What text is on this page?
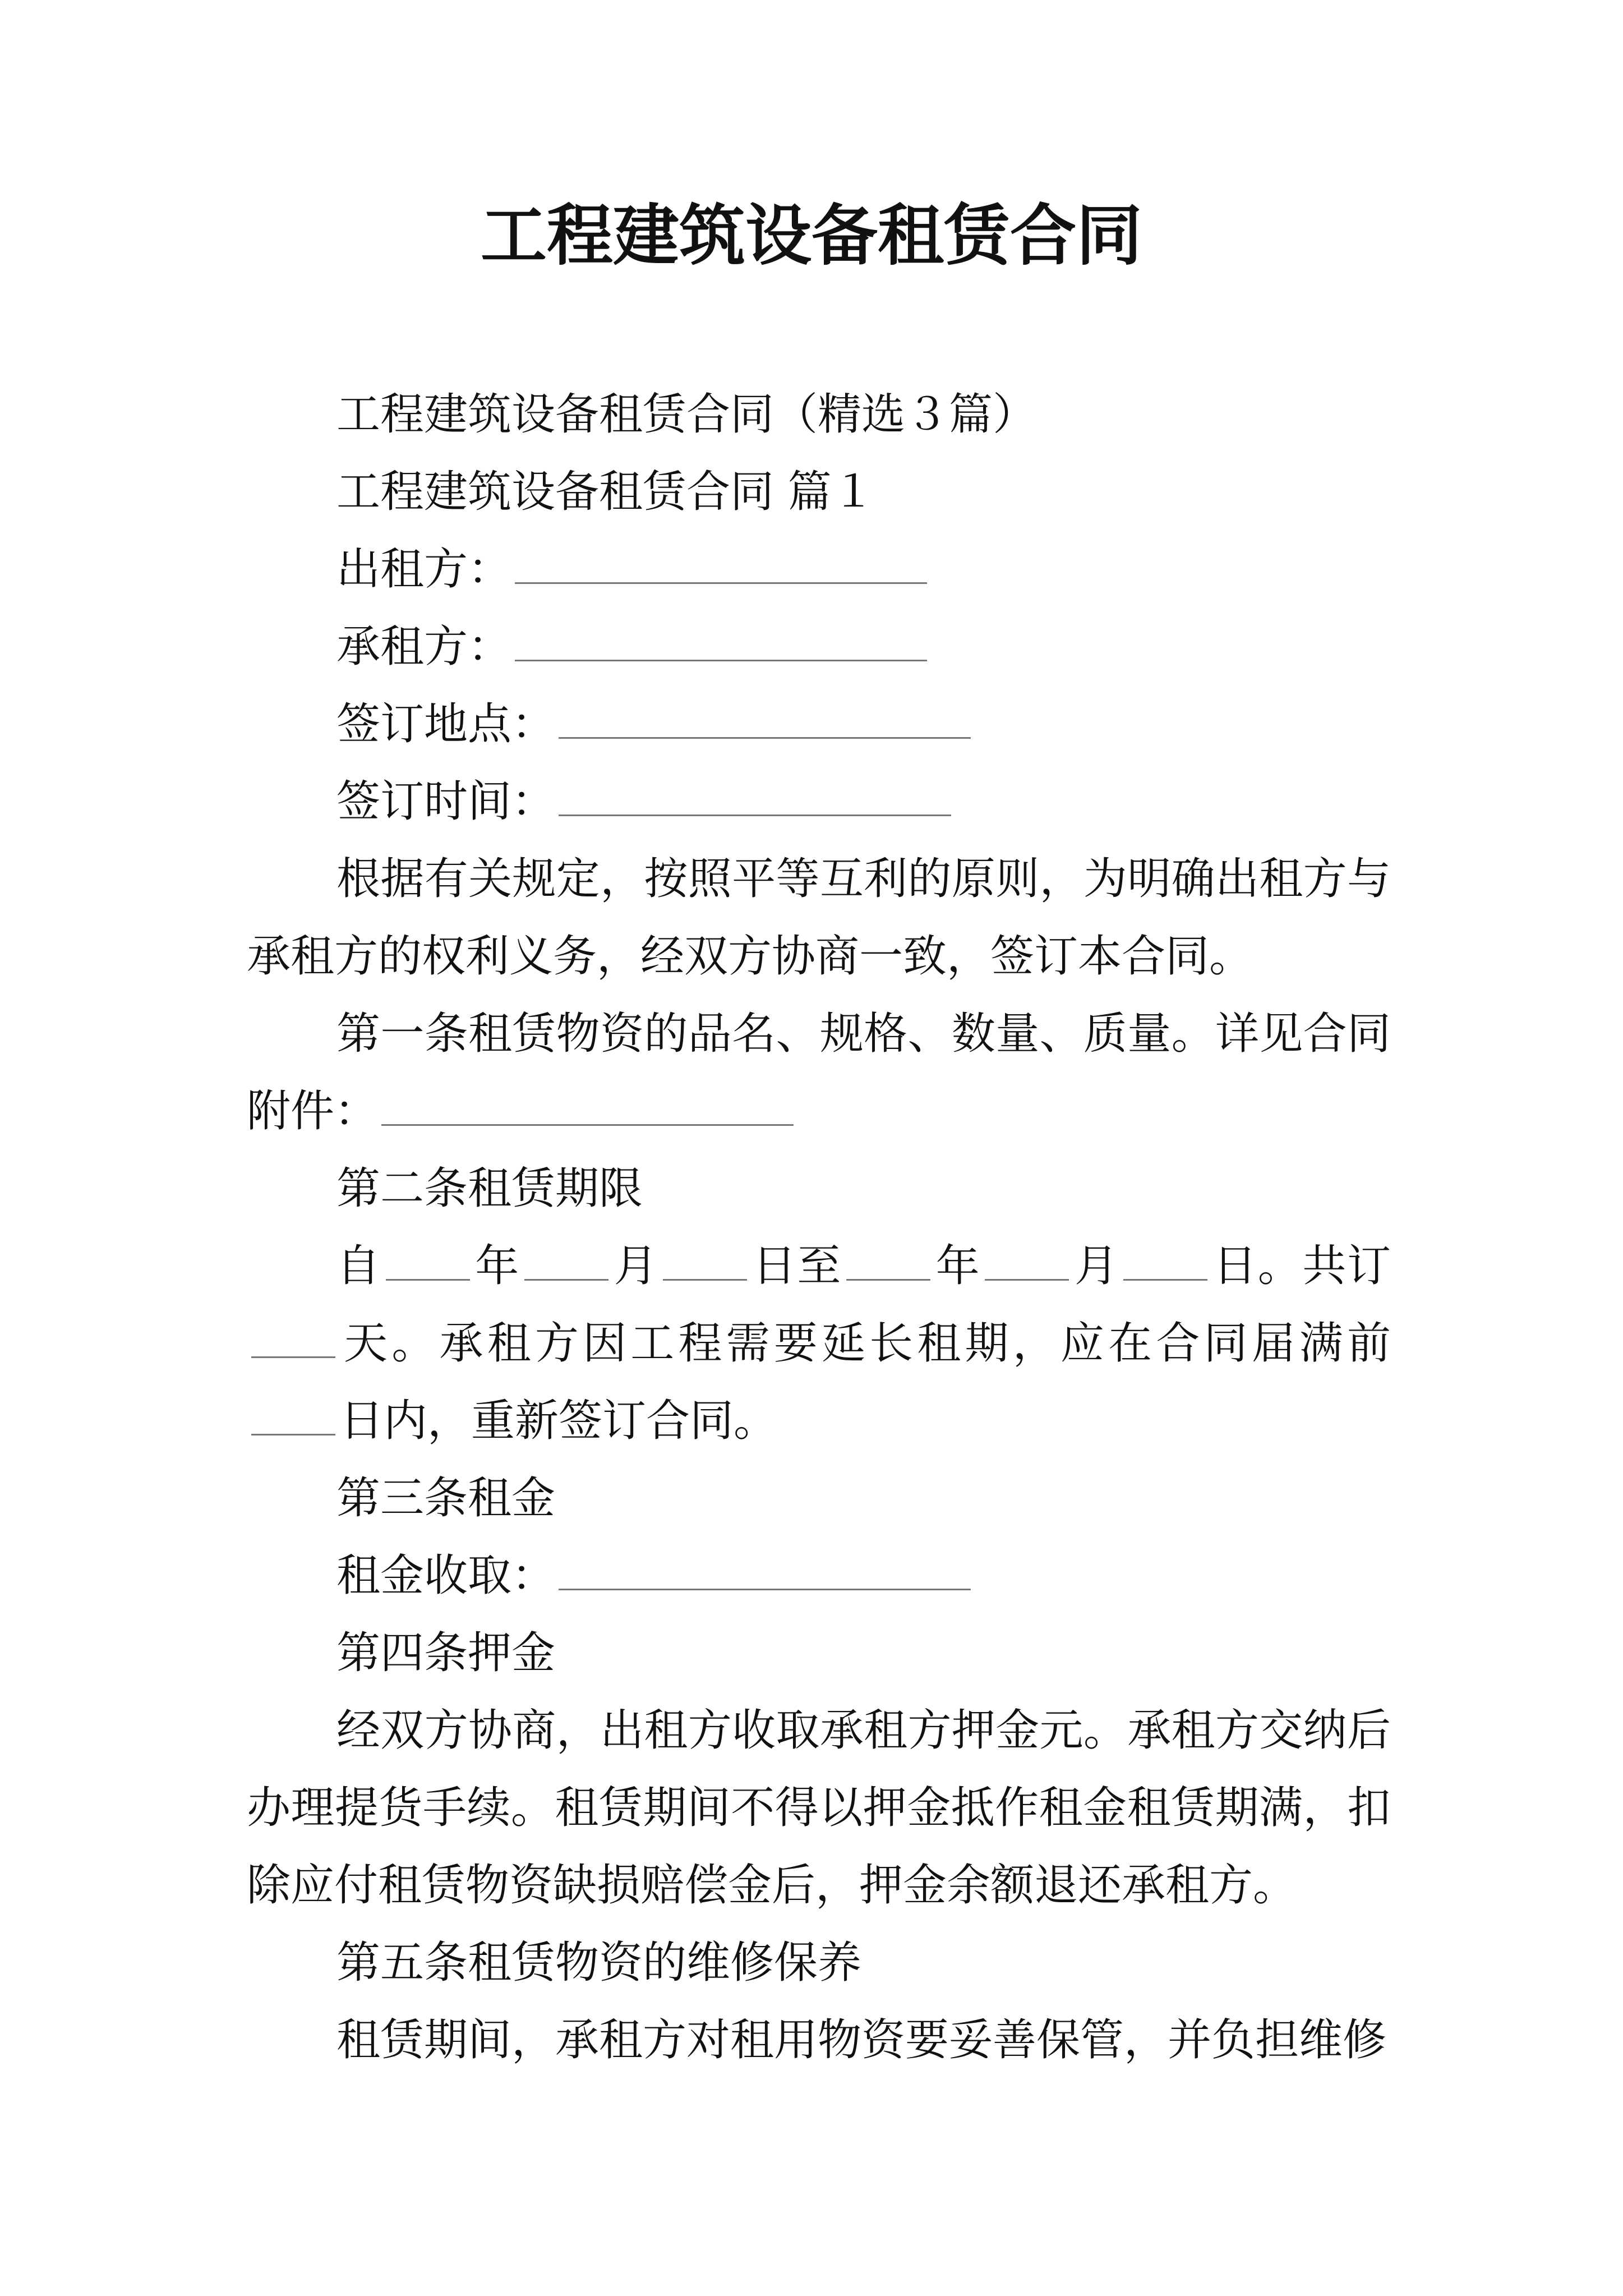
工程建筑设备租赁合同

工程建筑设备租赁合同（精选３篇）

工程建筑设备租赁合同 篇１

出租方：

承租方：

签订地点：

签订时间：

根据有关规定，按照平等互利的原则，为明确出租方与承租方的权利义务，经双方协商一致，签订本合同。

第一条租赁物资的品名、规格、数量、质量。详见合同附件：

第二条租赁期限

自 年 月 日至 年 月 日。共订天。承租方因工程需要延长租期，应在合同届满前日内，重新签订合同。

第三条租金

租金收取：

第四条押金

经双方协商，出租方收取承租方押金元。承租方交纳后办理提货手续。租赁期间不得以押金抵作租金租赁期满，扣除应付租赁物资缺损赔偿金后，押金余额退还承租方。

第五条租赁物资的维修保养

租赁期间，承租方对租用物资要妥善保管，并负担维修
